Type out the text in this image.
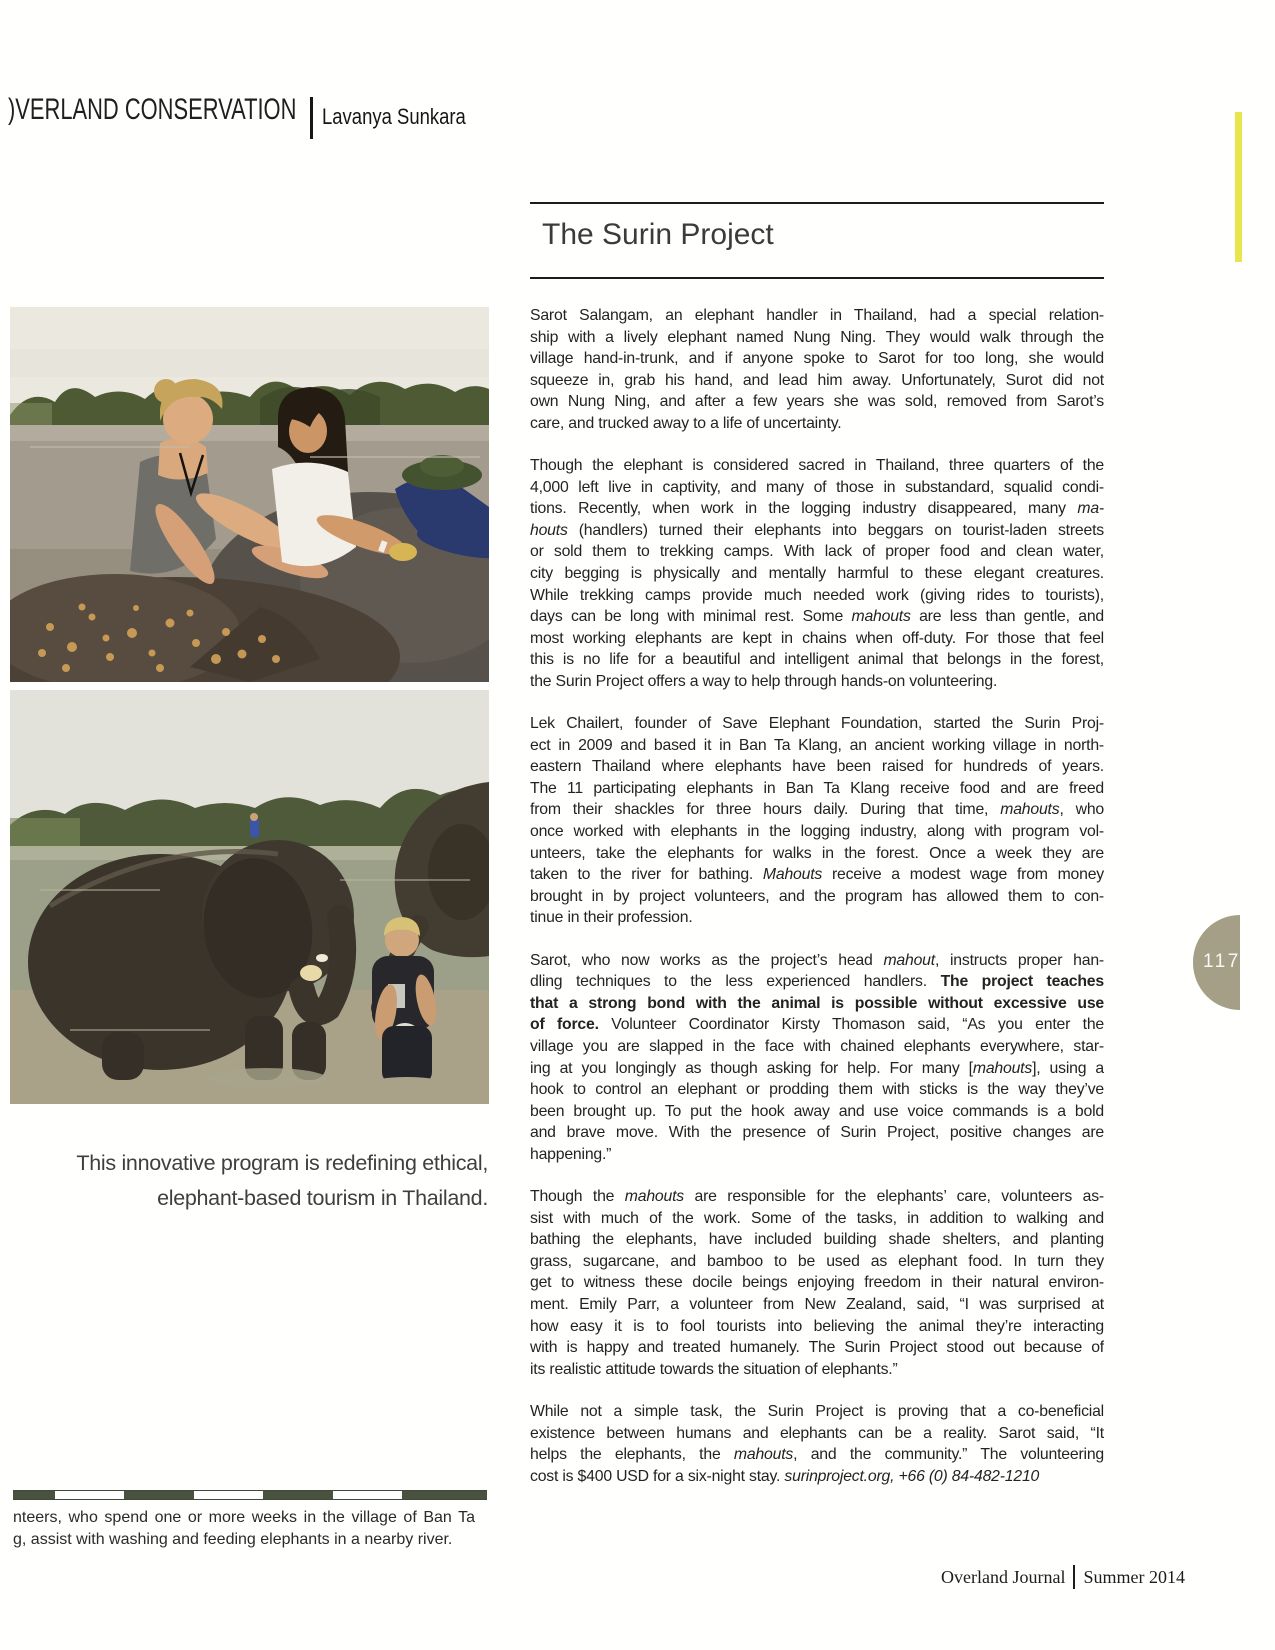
)VERLAND CONSERVATION Lavanya Sunkara
The Surin Project
Sarot Salangam, an elephant handler in Thailand, had a special relation-
ship with a lively elephant named Nung Ning. They would walk through the
village hand-in-trunk, and if anyone spoke to Sarot for too long, she would
squeeze in, grab his hand, and lead him away. Unfortunately, Surot did not
own Nung Ning, and after a few years she was sold, removed from Sarot’s
care, and trucked away to a life of uncertainty.
Though the elephant is considered sacred in Thailand, three quarters of the
4,000 left live in captivity, and many of those in substandard, squalid condi-
tions. Recently, when work in the logging industry disappeared, many ma-
houts (handlers) turned their elephants into beggars on tourist-laden streets
or sold them to trekking camps. With lack of proper food and clean water,
city begging is physically and mentally harmful to these elegant creatures.
While trekking camps provide much needed work (giving rides to tourists),
days can be long with minimal rest. Some mahouts are less than gentle, and
most working elephants are kept in chains when off-duty. For those that feel
this is no life for a beautiful and intelligent animal that belongs in the forest,
the Surin Project offers a way to help through hands-on volunteering.
Lek Chailert, founder of Save Elephant Foundation, started the Surin Proj-
ect in 2009 and based it in Ban Ta Klang, an ancient working village in north-
eastern Thailand where elephants have been raised for hundreds of years.
The 11 participating elephants in Ban Ta Klang receive food and are freed
from their shackles for three hours daily. During that time, mahouts, who
once worked with elephants in the logging industry, along with program vol-
unteers, take the elephants for walks in the forest. Once a week they are
taken to the river for bathing. Mahouts receive a modest wage from money
brought in by project volunteers, and the program has allowed them to con-
tinue in their profession.
Sarot, who now works as the project’s head mahout, instructs proper han-
dling techniques to the less experienced handlers. The project teaches
that a strong bond with the animal is possible without excessive use
of force. Volunteer Coordinator Kirsty Thomason said, “As you enter the
village you are slapped in the face with chained elephants everywhere, star-
ing at you longingly as though asking for help. For many [mahouts], using a
hook to control an elephant or prodding them with sticks is the way they’ve
been brought up. To put the hook away and use voice commands is a bold
and brave move. With the presence of Surin Project, positive changes are
happening.”
Though the mahouts are responsible for the elephants’ care, volunteers as-
sist with much of the work. Some of the tasks, in addition to walking and
bathing the elephants, have included building shade shelters, and planting
grass, sugarcane, and bamboo to be used as elephant food. In turn they
get to witness these docile beings enjoying freedom in their natural environ-
ment. Emily Parr, a volunteer from New Zealand, said, “I was surprised at
how easy it is to fool tourists into believing the animal they’re interacting
with is happy and treated humanely. The Surin Project stood out because of
its realistic attitude towards the situation of elephants.”
While not a simple task, the Surin Project is proving that a co-beneficial
existence between humans and elephants can be a reality. Sarot said, “It
helps the elephants, the mahouts, and the community.” The volunteering
cost is $400 USD for a six-night stay. surinproject.org, +66 (0) 84-482-1210
This innovative program is redefining ethical,
elephant-based tourism in Thailand.
nteers, who spend one or more weeks in the village of Ban Ta
g, assist with washing and feeding elephants in a nearby river.
117
Overland Journal Summer 2014
